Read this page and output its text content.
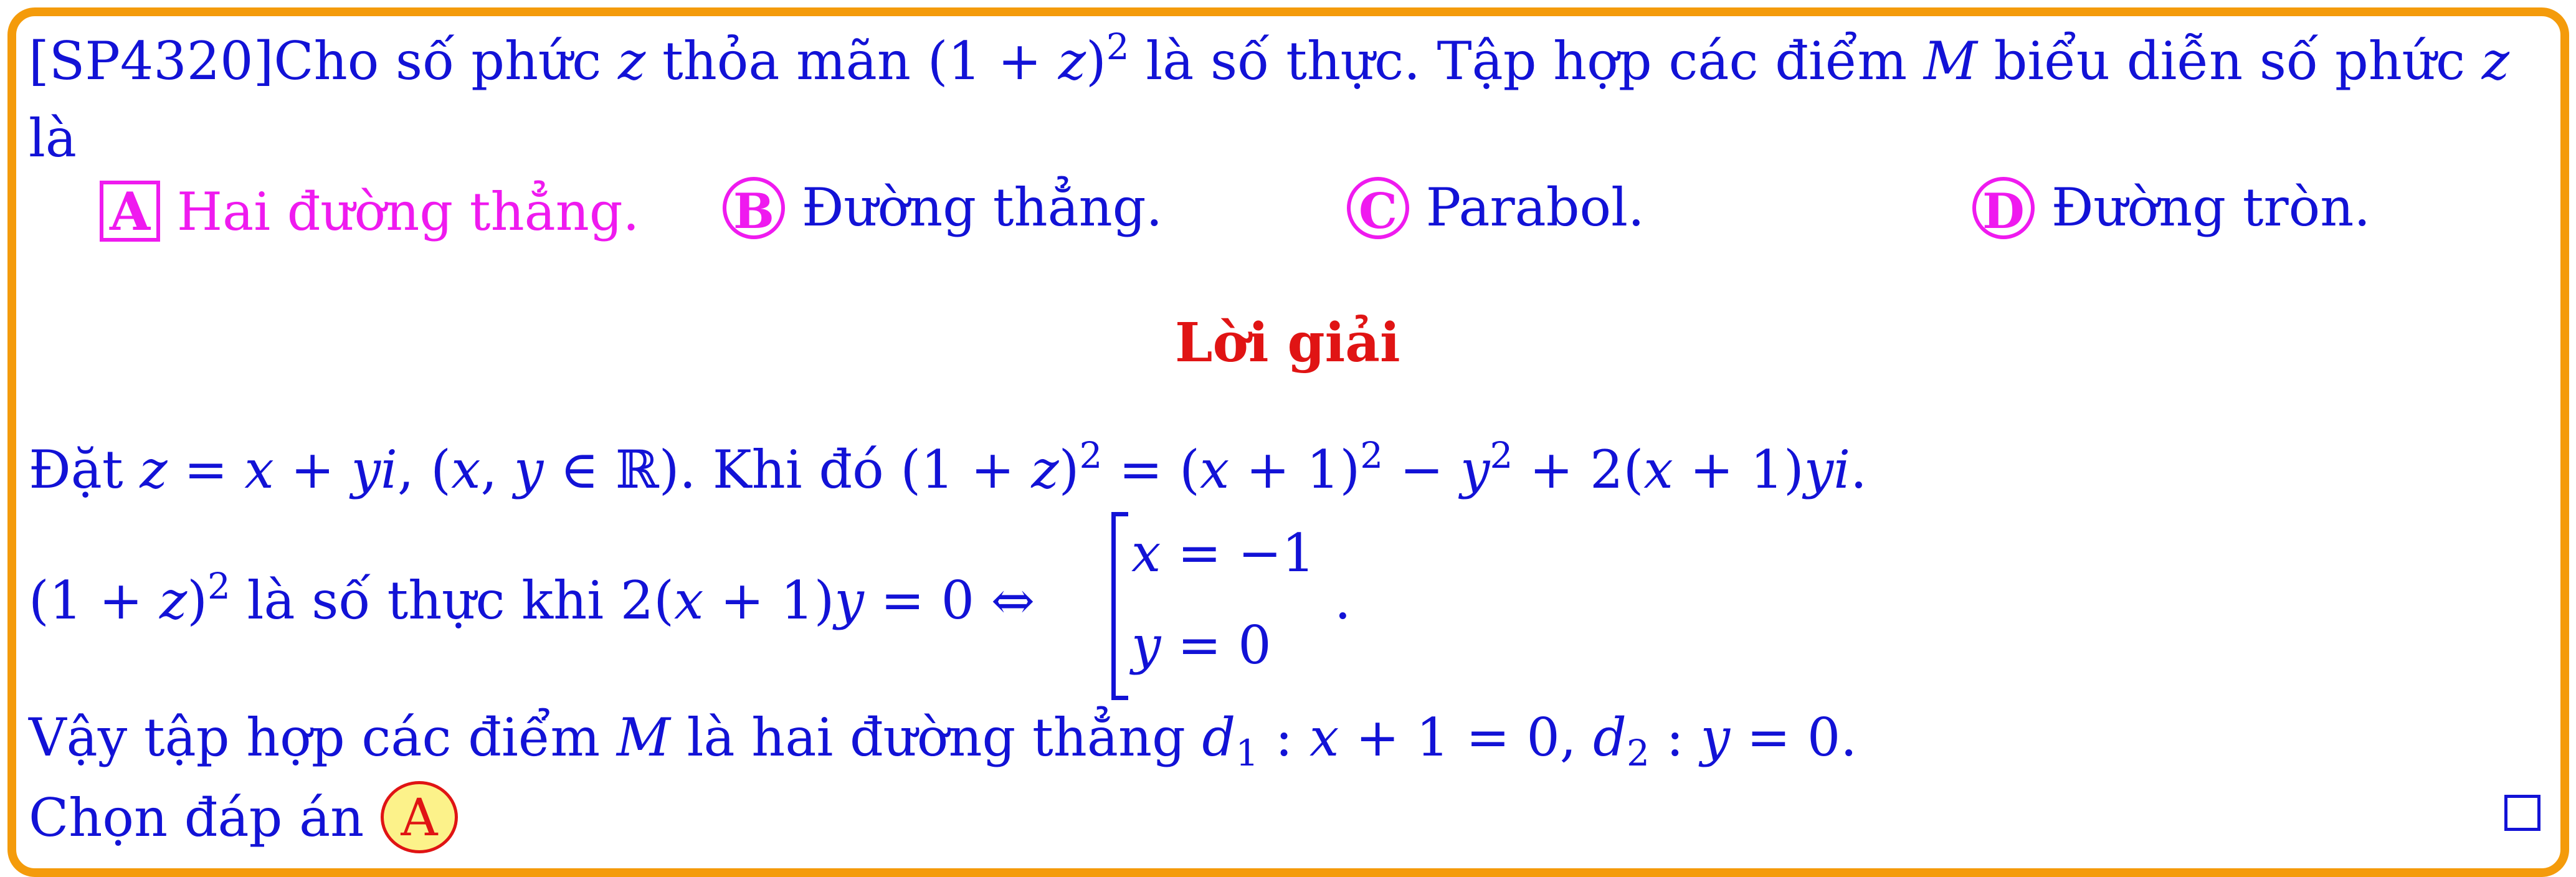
[SP4320]Cho số phức z thỏa mãn $(1 + z)^2$ là số thực. Tập hợp các điểm M biểu diễn số phức z
là
A Hai đường thẳng. B Đường thẳng.	C Parabol.	D Đường tròn.
Lời giải
Đặt z = x + yi, (x, y ∈ ℝ). Khi đó $(1 + z)^2 = (x + 1)^2 - y^2 + 2(x + 1)yi$.
$(1 + z)^2$ là số thực khi 2(x + 1)y = 0 ⇔
x = −1
y = 0
.
Vậy tập hợp các điểm M là hai đường thẳng $d_1$ : x + 1 = 0, $d_2$ : y = 0.
Chọn đáp án A
